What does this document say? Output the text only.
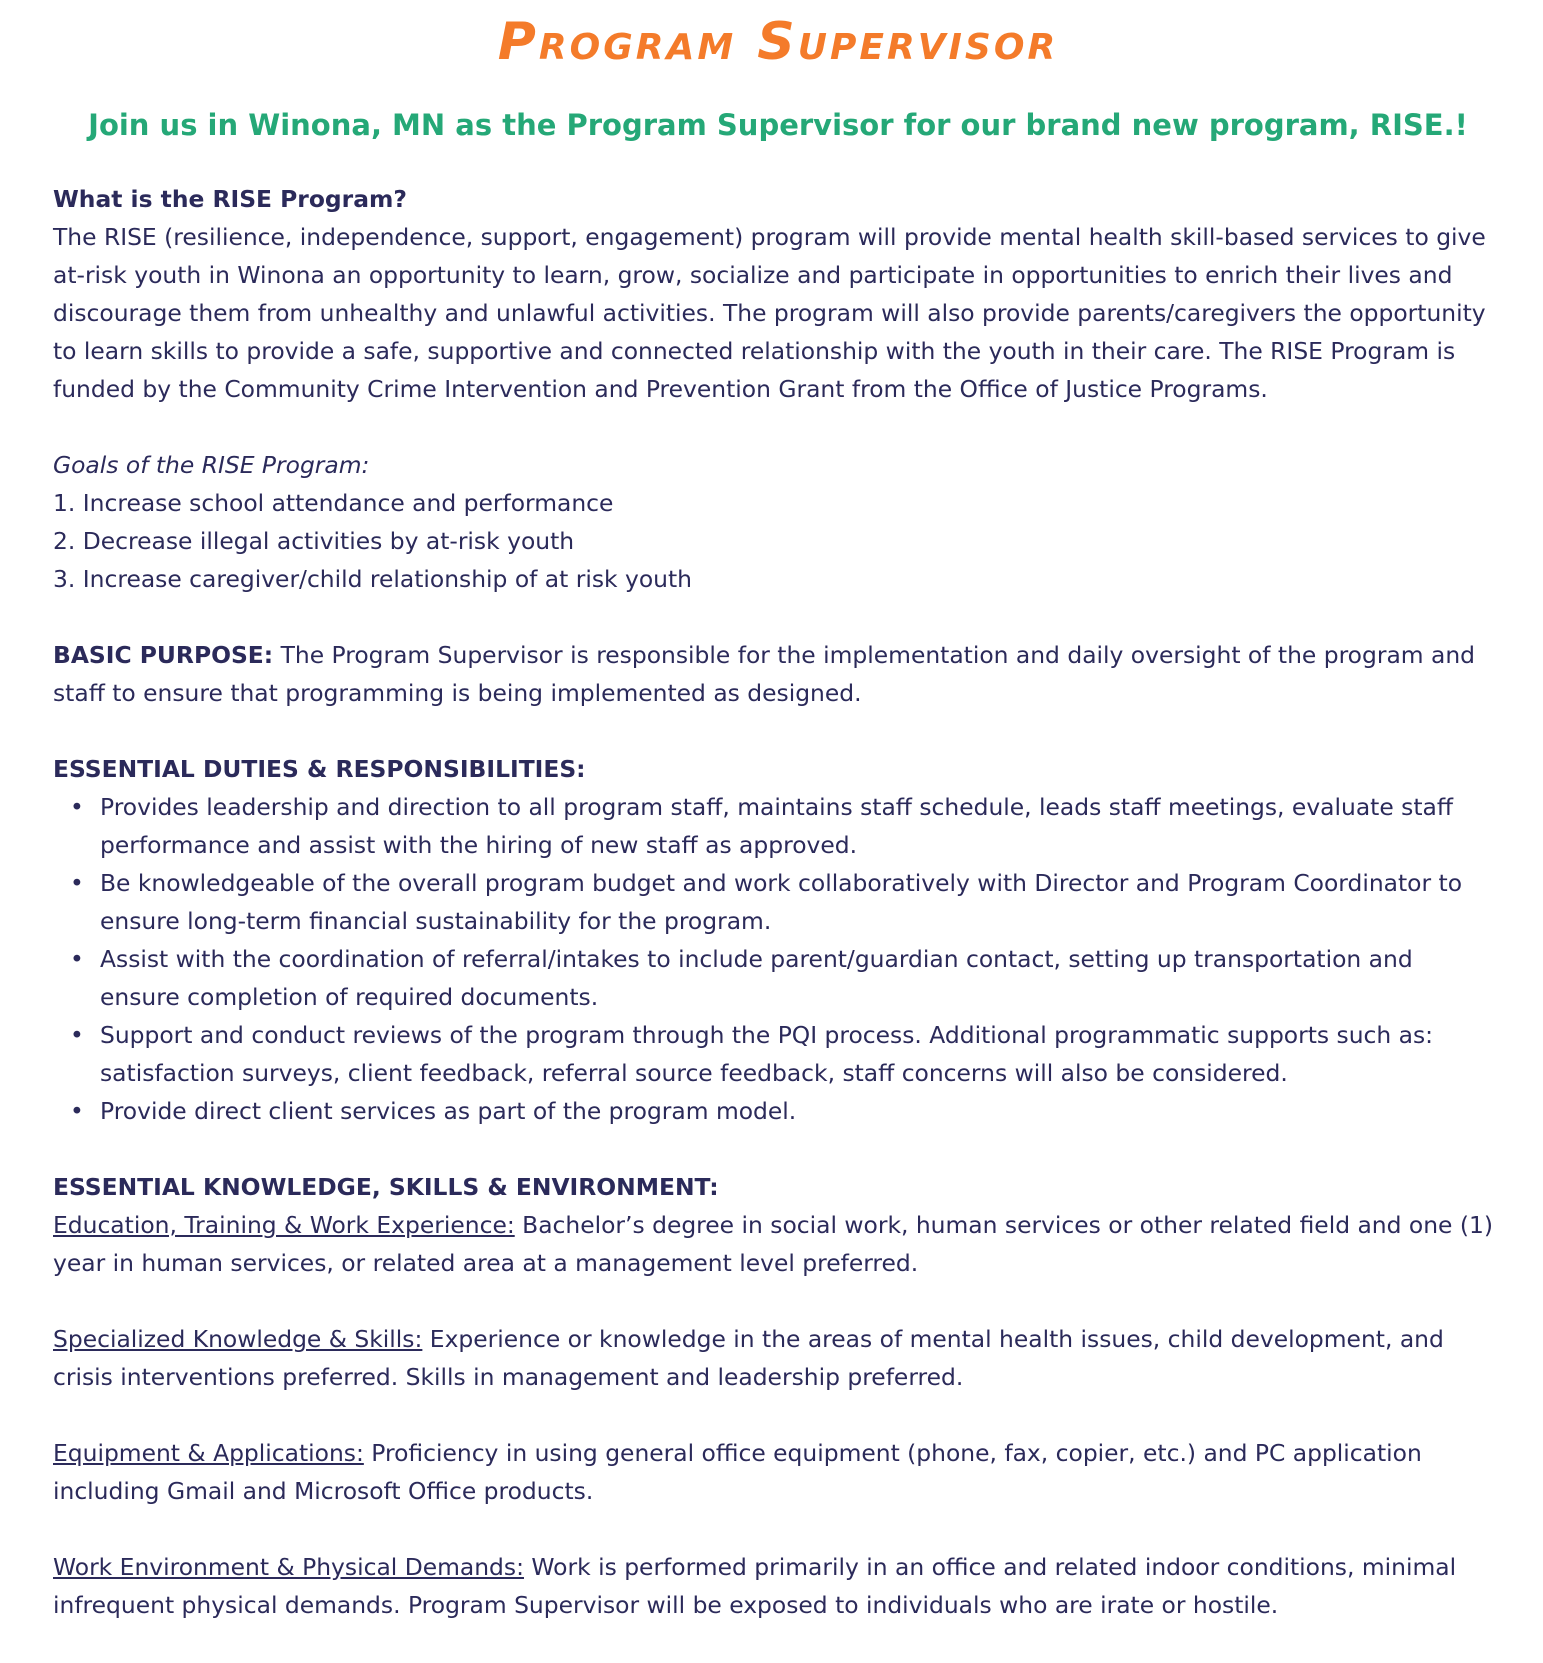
Program Supervisor
Join us in Winona, MN as the Program Supervisor for our brand new program, RISE.!

What is the RISE Program?

The RISE (resilience, independence, support, engagement) program will provide mental health skill-based services to give at-risk youth in Winona an opportunity to learn, grow, socialize and participate in opportunities to enrich their lives and discourage them from unhealthy and unlawful activities. The program will also provide parents/caregivers the opportunity to learn skills to provide a safe, supportive and connected relationship with the youth in their care. The RISE Program is funded by the Community Crime Intervention and Prevention Grant from the Office of Justice Programs.

Goals of the RISE Program:

1. Increase school attendance and performance

2. Decrease illegal activities by at-risk youth

3. Increase caregiver/child relationship of at risk youth

BASIC PURPOSE: The Program Supervisor is responsible for the implementation and daily oversight of the program and staff to ensure that programming is being implemented as designed.

ESSENTIAL DUTIES & RESPONSIBILITIES:

• Provides leadership and direction to all program staff, maintains staff schedule, leads staff meetings, evaluate staff performance and assist with the hiring of new staff as approved.
• Be knowledgeable of the overall program budget and work collaboratively with Director and Program Coordinator to ensure long-term financial sustainability for the program.
• Assist with the coordination of referral/intakes to include parent/guardian contact, setting up transportation and ensure completion of required documents.
• Support and conduct reviews of the program through the PQI process. Additional programmatic supports such as: satisfaction surveys, client feedback, referral source feedback, staff concerns will also be considered.
• Provide direct client services as part of the program model.

ESSENTIAL KNOWLEDGE, SKILLS & ENVIRONMENT:

Education, Training & Work Experience: Bachelor’s degree in social work, human services or other related field and one (1) year in human services, or related area at a management level preferred.

Specialized Knowledge & Skills: Experience or knowledge in the areas of mental health issues, child development, and crisis interventions preferred. Skills in management and leadership preferred.

Equipment & Applications: Proficiency in using general office equipment (phone, fax, copier, etc.) and PC application including Gmail and Microsoft Office products.

Work Environment & Physical Demands: Work is performed primarily in an office and related indoor conditions, minimal infrequent physical demands. Program Supervisor will be exposed to individuals who are irate or hostile.
